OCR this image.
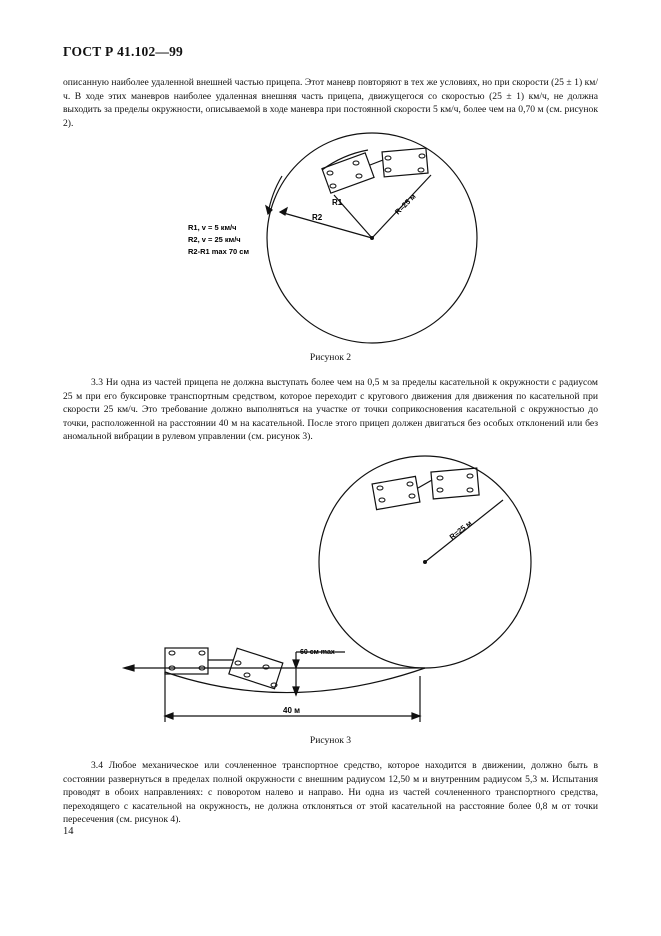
ГОСТ Р 41.102—99
описанную наиболее удаленной внешней частью прицепа. Этот маневр повторяют в тех же условиях, но при скорости (25 ± 1) км/ч. В ходе этих маневров наиболее удаленная внешняя часть прицепа, движущегося со скоростью (25 ± 1) км/ч, не должна выходить за пределы окружности, описываемой в ходе маневра при постоянной скорости 5 км/ч, более чем на 0,70 м (см. рисунок 2).
R=25 м
R1
R2
R1, v = 5 км/ч
R2, v = 25 км/ч
R2-R1 max 70 см
Рисунок 2
3.3 Ни одна из частей прицепа не должна выступать более чем на 0,5 м за пределы касательной к окружности с радиусом 25 м при его буксировке транспортным средством, которое переходит с кругового движения для движения по касательной при скорости 25 км/ч. Это требование должно выполняться на участке от точки соприкосновения касательной с окружностью до точки, расположенной на расстоянии 40 м на касательной. После этого прицеп должен двигаться без особых отклонений или без аномальной вибрации в рулевом управлении (см. рисунок 3).
R=25 м
60 см max
40 м
Рисунок 3
3.4 Любое механическое или сочлененное транспортное средство, которое находится в движении, должно быть в состоянии развернуться в пределах полной окружности с внешним радиусом 12,50 м и внутренним радиусом 5,3 м. Испытания проводят в обоих направлениях: с поворотом налево и направо. Ни одна из частей сочлененного транспортного средства, переходящего с касательной на окружность, не должна отклоняться от этой касательной на расстояние более 0,8 м от точки пересечения (см. рисунок 4).
14
